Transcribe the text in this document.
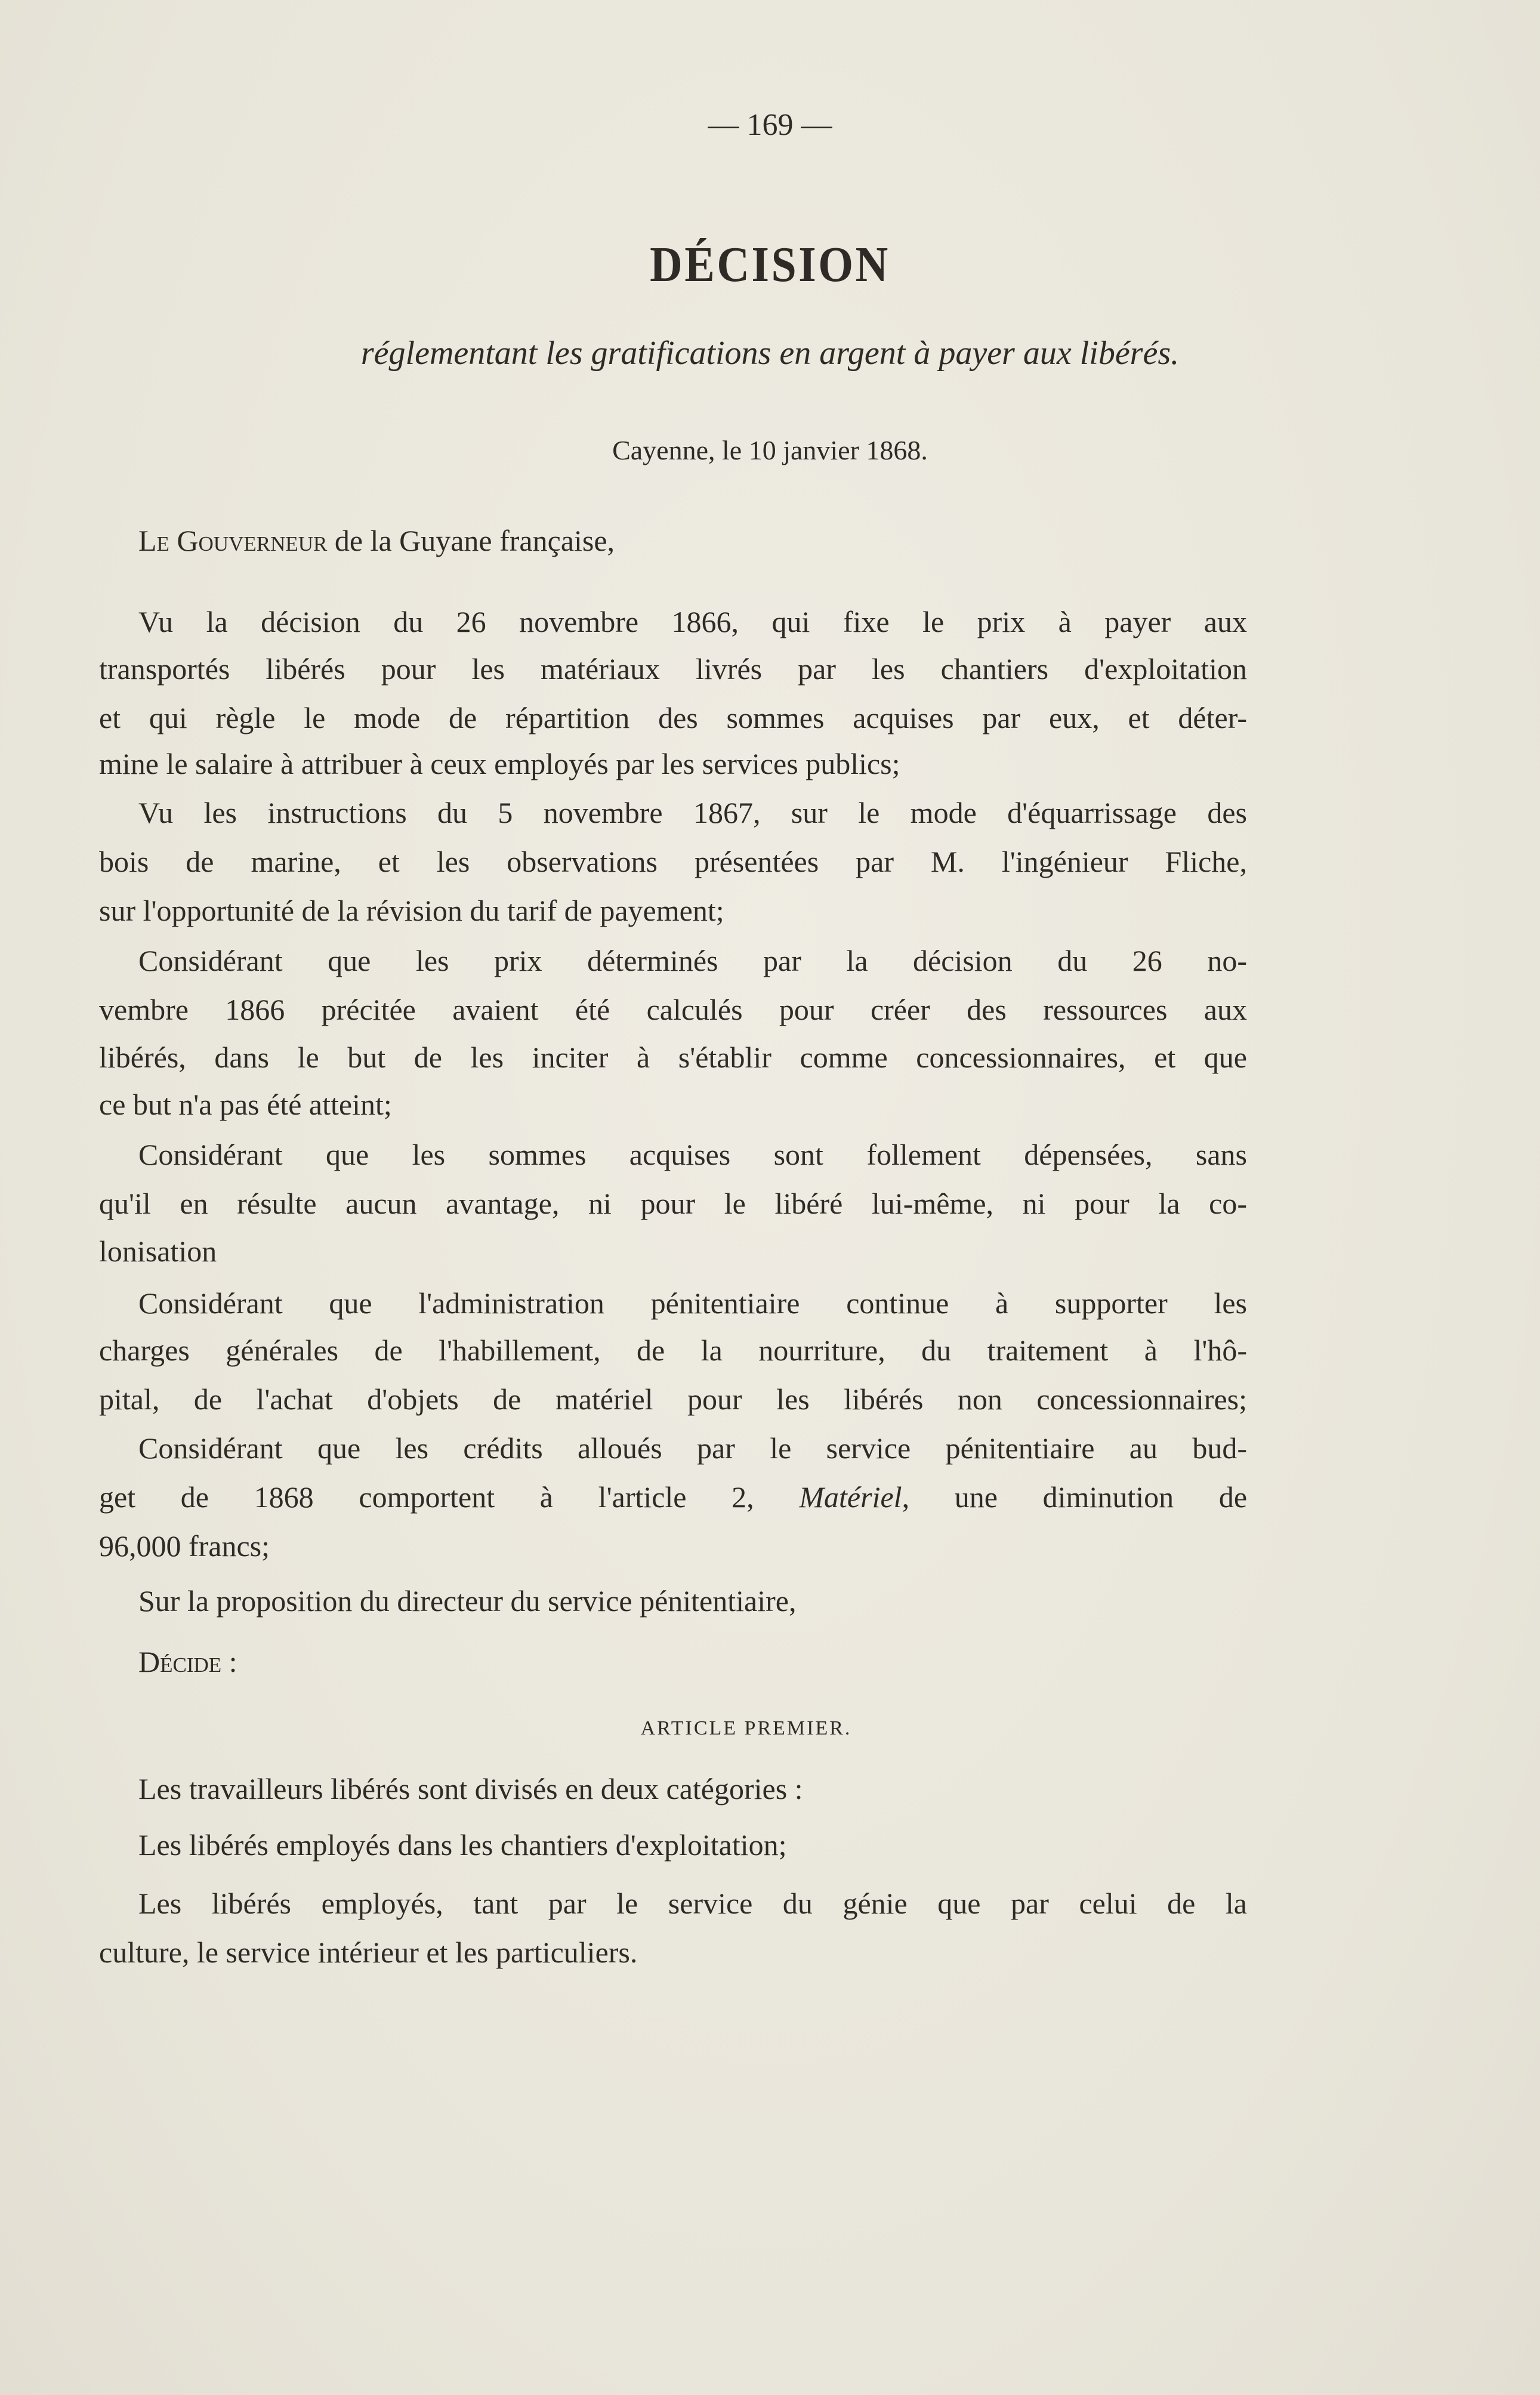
— 169 —
DÉCISION
réglementant les gratifications en argent à payer aux libérés.
Cayenne, le 10 janvier 1868.
Le Gouverneur de la Guyane française,
Vu la décision du 26 novembre 1866, qui fixe le prix à payer aux
transportés libérés pour les matériaux livrés par les chantiers d'exploitation
et qui règle le mode de répartition des sommes acquises par eux, et déter-
mine le salaire à attribuer à ceux employés par les services publics;
Vu les instructions du 5 novembre 1867, sur le mode d'équarrissage des
bois de marine, et les observations présentées par M. l'ingénieur Fliche,
sur l'opportunité de la révision du tarif de payement;
Considérant que les prix déterminés par la décision du 26 no-
vembre 1866 précitée avaient été calculés pour créer des ressources aux
libérés, dans le but de les inciter à s'établir comme concessionnaires, et que
ce but n'a pas été atteint;
Considérant que les sommes acquises sont follement dépensées, sans
qu'il en résulte aucun avantage, ni pour le libéré lui-même, ni pour la co-
lonisation
Considérant que l'administration pénitentiaire continue à supporter les
charges générales de l'habillement, de la nourriture, du traitement à l'hô-
pital, de l'achat d'objets de matériel pour les libérés non concessionnaires;
Considérant que les crédits alloués par le service pénitentiaire au bud-
get de 1868 comportent à l'article 2, Matériel, une diminution de
96,000 francs;
Sur la proposition du directeur du service pénitentiaire,
Décide :
ARTICLE PREMIER.
Les travailleurs libérés sont divisés en deux catégories :
Les libérés employés dans les chantiers d'exploitation;
Les libérés employés, tant par le service du génie que par celui de la
culture, le service intérieur et les particuliers.
